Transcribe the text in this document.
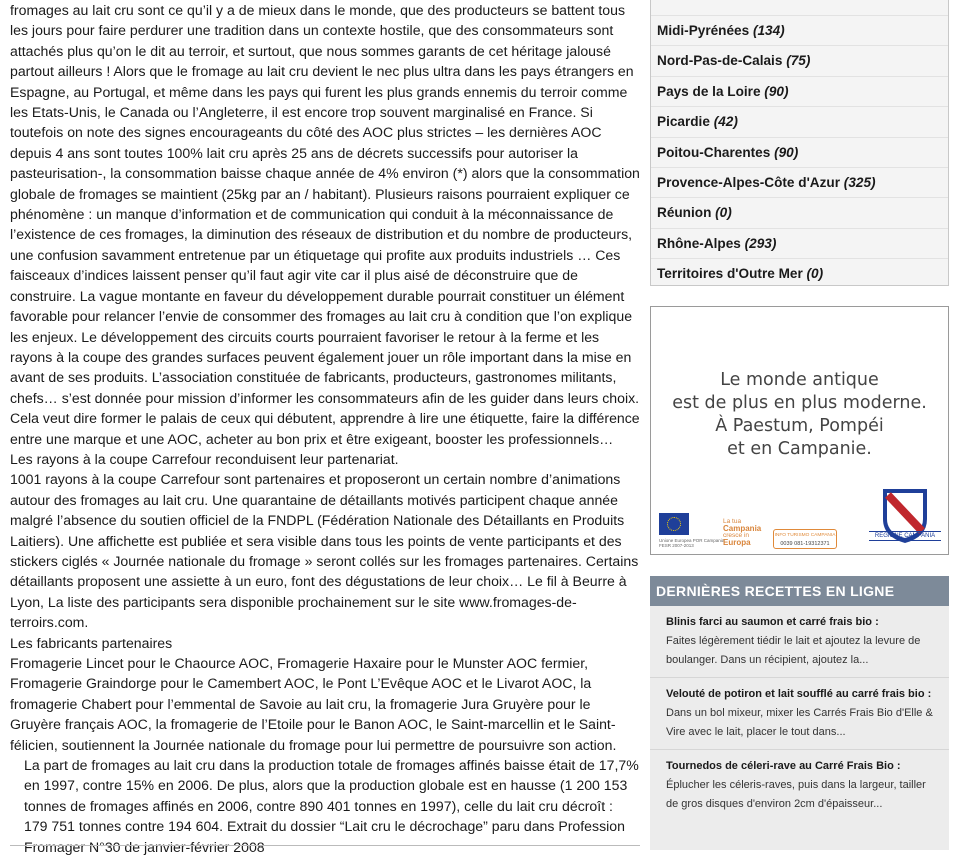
fromages au lait cru sont ce qu’il y a de mieux dans le monde, que des producteurs se battent tous les jours pour faire perdurer une tradition dans un contexte hostile, que des consommateurs sont attachés plus qu’on le dit au terroir, et surtout, que nous sommes garants de cet héritage jalousé partout ailleurs ! Alors que le fromage au lait cru devient le nec plus ultra dans les pays étrangers en Espagne, au Portugal, et même dans les pays qui furent les plus grands ennemis du terroir comme les Etats-Unis, le Canada ou l’Angleterre, il est encore trop souvent marginalisé en France. Si toutefois on note des signes encourageants du côté des AOC plus strictes – les dernières AOC depuis 4 ans sont toutes 100% lait cru après 25 ans de décrets successifs pour autoriser la pasteurisation-, la consommation baisse chaque année de 4% environ (*) alors que la consommation globale de fromages se maintient (25kg par an / habitant). Plusieurs raisons pourraient expliquer ce phénomène : un manque d’information et de communication qui conduit à la méconnaissance de l’existence de ces fromages, la diminution des réseaux de distribution et du nombre de producteurs, une confusion savamment entretenue par un étiquetage qui profite aux produits industriels … Ces faisceaux d’indices laissent penser qu’il faut agir vite car il plus aisé de déconstruire que de construire. La vague montante en faveur du développement durable pourrait constituer un élément favorable pour relancer l’envie de consommer des fromages au lait cru à condition que l’on explique les enjeux. Le développement des circuits courts pourraient favoriser le retour à la ferme et les rayons à la coupe des grandes surfaces peuvent également jouer un rôle important dans la mise en avant de ses produits. L’association constituée de fabricants, producteurs, gastronomes militants, chefs… s’est donnée pour mission d’informer les consommateurs afin de les guider dans leurs choix. Cela veut dire former le palais de ceux qui débutent, apprendre à lire une étiquette, faire la différence entre une marque et une AOC, acheter au bon prix et être exigeant, booster les professionnels…

Les rayons à la coupe Carrefour reconduisent leur partenariat.

1001 rayons à la coupe Carrefour sont partenaires et proposeront un certain nombre d’animations autour des fromages au lait cru. Une quarantaine de détaillants motivés participent chaque année malgré l’absence du soutien officiel de la FNDPL (Fédération Nationale des Détaillants en Produits Laitiers). Une affichette est publiée et sera visible dans tous les points de vente participants et des stickers ciglés « Journée nationale du fromage » seront collés sur les fromages partenaires. Certains détaillants proposent une assiette à un euro, font des dégustations de leur choix… Le fil à Beurre à Lyon, La liste des participants sera disponible prochainement sur le site www.fromages-de-terroirs.com.

Les fabricants partenaires

Fromagerie Lincet pour le Chaource AOC, Fromagerie Haxaire pour le Munster AOC fermier, Fromagerie Graindorge pour le Camembert AOC, le Pont L’Evêque AOC et le Livarot AOC, la fromagerie Chabert pour l’emmental de Savoie au lait cru, la fromagerie Jura Gruyère pour le Gruyère français AOC, la fromagerie de l’Etoile pour le Banon AOC, le Saint-marcellin et le Saint-félicien, soutiennent la Journée nationale du fromage pour lui permettre de poursuivre son action.

La part de fromages au lait cru dans la production totale de fromages affinés baisse était de 17,7% en 1997, contre 15% en 2006. De plus, alors que la production globale est en hausse (1 200 153 tonnes de fromages affinés en 2006, contre 890 401 tonnes en 1997), celle du lait cru décroît : 179 751 tonnes contre 194 604. Extrait du dossier “Lait cru le décrochage” paru dans Profession Fromager N°30 de janvier-février 2008

Midi-Pyrénées (134)
Nord-Pas-de-Calais (75)
Pays de la Loire (90)
Picardie (42)
Poitou-Charentes (90)
Provence-Alpes-Côte d'Azur (325)
Réunion (0)
Rhône-Alpes (293)
Territoires d'Outre Mer (0)
Le monde antique
est de plus en plus moderne.
À Paestum, Pompéi
et en Campanie.
Unione Europea POR Campania FESR 2007-2013
La tua
Campania
cresce in
Europa
INFO TURISMO CAMPANIA
0039 081-19312371
REGIONE CAMPANIA
DERNIÈRES RECETTES EN LIGNE
Blinis farci au saumon et carré frais bio :
Faites légèrement tiédir le lait et ajoutez la levure de boulanger. Dans un récipient, ajoutez la...
Velouté de potiron et lait soufflé au carré frais bio :
Dans un bol mixeur, mixer les Carrés Frais Bio d'Elle & Vire avec le lait, placer le tout dans...
Tournedos de céleri-rave au Carré Frais Bio :
Éplucher les céleris-raves, puis dans la largeur, tailler de gros disques d'environ 2cm d'épaisseur...
